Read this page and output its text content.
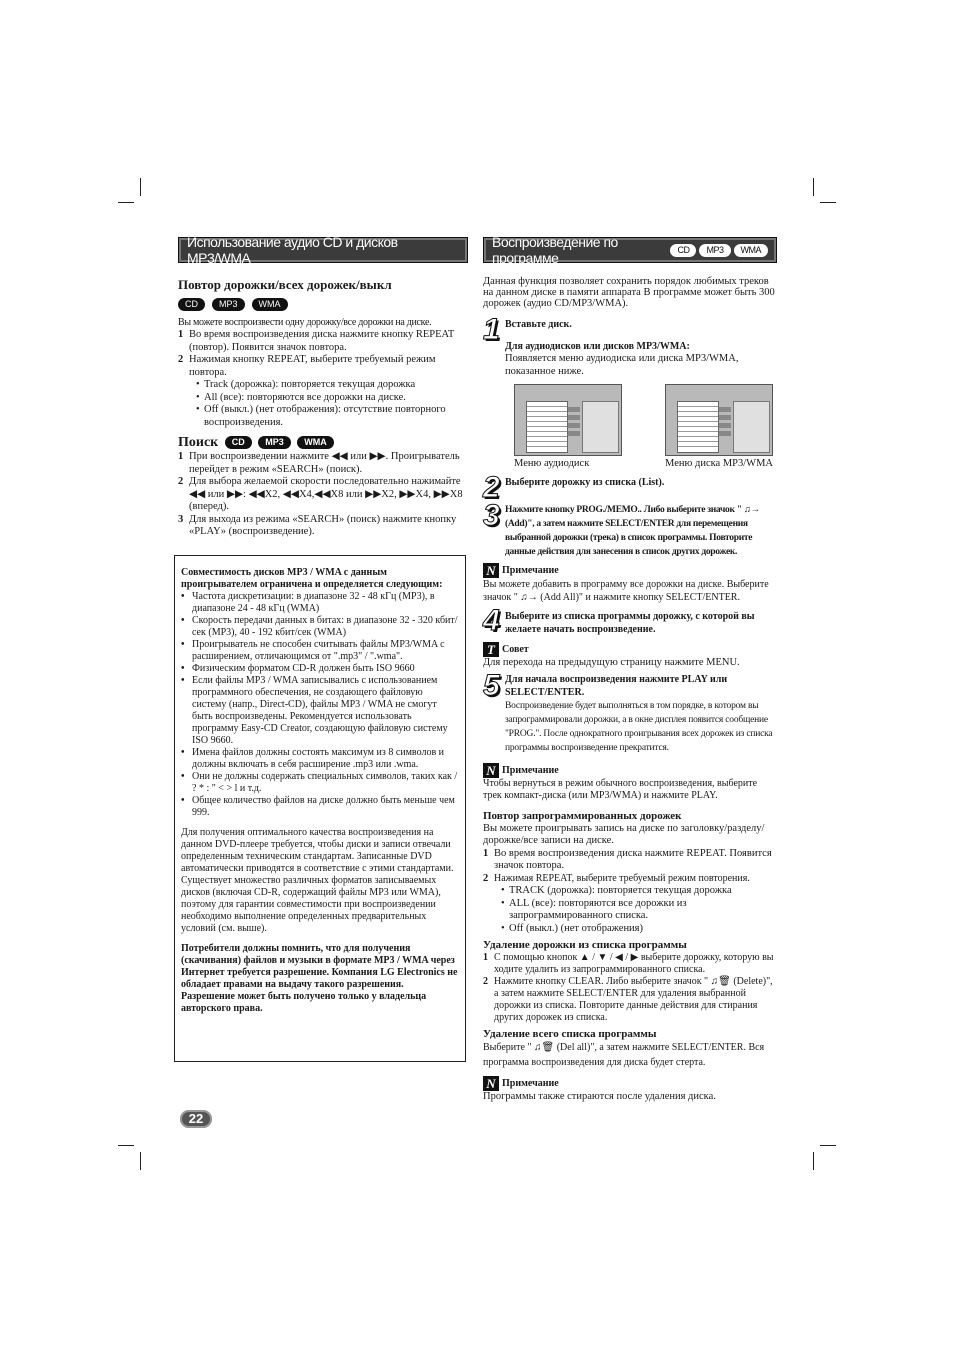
Использование аудио CD и дисков MP3/WMA

Повтор дорожки/всех дорожек/выкл

CD MP3 WMA

Вы можете воспроизвести одну дорожку/все дорожки на диске.

1 Во время воспроизведения диска нажмите кнопку REPEAT (повтор). Появится значок повтора.
2 Нажимая кнопку REPEAT, выберите требуемый режим повтора.
• Track (дорожка): повторяется текущая дорожка
• All (все): повторяются все дорожки на диске.
• Off (выкл.) (нет отображения): отсутствие повторного воспроизведения.

Поиск CD MP3 WMA

1 При воспроизведении нажмите ◀◀ или ▶▶. Проигрыватель перейдет в режим «SEARCH» (поиск).
2 Для выбора желаемой скорости последовательно нажимайте ◀◀ или ▶▶: ◀◀X2, ◀◀X4,◀◀X8 или ▶▶X2, ▶▶X4, ▶▶X8 (вперед).
3 Для выхода из режима «SEARCH» (поиск) нажмите кнопку «PLAY» (воспроизведение).

Совместимость дисков MP3 / WMA с данным проигрывателем ограничена и определяется следующим:

• Частота дискретизации: в диапазоне 32 - 48 кГц (MP3), в диапазоне 24 - 48 кГц (WMA)
• Скорость передачи данных в битах: в диапазоне 32 - 320 кбит/сек (MP3), 40 - 192 кбит/сек (WMA)
• Проигрыватель не способен считывать файлы MP3/WMA с расширением, отличающимся от ".mp3" / ".wma".
• Физическим форматом CD-R должен быть ISO 9660
• Если файлы MP3 / WMA записывались с использованием программного обеспечения, не создающего файловую систему (напр., Direct-CD), файлы MP3 / WMA не смогут быть воспроизведены. Рекомендуется использовать программу Easy-CD Creator, создающую файловую систему ISO 9660.
• Имена файлов должны состоять максимум из 8 символов и должны включать в себя расширение .mp3 или .wma.
• Они не должны содержать специальных символов, таких как / ? * : " < > l и т.д.
• Общее количество файлов на диске должно быть меньше чем 999.

Для получения оптимального качества воспроизведения на данном DVD-плеере требуется, чтобы диски и записи отвечали определенным техническим стандартам. Записанные DVD автоматически приводятся в соответствие с этими стандартами. Существует множество различных форматов записываемых дисков (включая CD-R, содержащий файлы MP3 или WMA), поэтому для гарантии совместимости при воспроизведении необходимо выполнение определенных предварительных условий (см. выше).

Потребители должны помнить, что для получения (скачивания) файлов и музыки в формате MP3 / WMA через Интернет требуется разрешение. Компания LG Electronics не обладает правами на выдачу такого разрешения. Разрешение может быть получено только у владельца авторского права.

22
Воспроизведение по программе
CD	MP3	WMA

Данная функция позволяет сохранить порядок любимых треков на данном диске в памяти аппарата В программе может быть 300 дорожек (аудио CD/MP3/WMA).

1 Вставьте диск.

Для аудиодисков или дисков MP3/WMA:

Появляется меню аудиодиска или диска MP3/WMA, показанное ниже.

Меню аудиодиск	Меню диска MP3/WMA
2 Выберите дорожку из списка (List).

3 Нажмите кнопку PROG./MEMO.. Либо выберите значок " ♫→ (Add)", а затем нажмите SELECT/ENTER для перемещения выбранной дорожки (трека) в список программы. Повторите данные действия для занесения в список других дорожек.

N Примечание

Вы можете добавить в программу все дорожки на диске. Выберите значок " ♫→ (Add All)" и нажмите кнопку SELECT/ENTER.

4 Выберите из списка программы дорожку, с которой вы желаете начать воспроизведение.

T Совет

Для перехода на предыдущую страницу нажмите MENU.

5 Для начала воспроизведения нажмите PLAY или SELECT/ENTER.

Воспроизведение будет выполняться в том порядке, в котором вы запрограммировали дорожки, а в окне дисплея появится сообщение "PROG.". После однократного проигрывания всех дорожек из списка программы воспроизведение прекратится.

N Примечание

Чтобы вернуться в режим обычного воспроизведения, выберите трек компакт-диска (или MP3/WMA) и нажмите PLAY.

Повтор запрограммированных дорожек

Вы можете проигрывать запись на диске по заголовку/разделу/дорожке/все записи на диске.

1 Во время воспроизведения диска нажмите REPEAT. Появится значок повтора.
2 Нажимая REPEAT, выберите требуемый режим повторения.
• TRACK (дорожка): повторяется текущая дорожка
• ALL (все): повторяются все дорожки из запрограммированного списка.
• Off (выкл.) (нет отображения)

Удаление дорожки из списка программы

1 С помощью кнопок ▲ / ▼ / ◀ / ▶ выберите дорожку, которую вы ходите удалить из запрограммированного списка.
2 Нажмите кнопку CLEAR. Либо выберите значок " ♫🗑 (Delete)", а затем нажмите SELECT/ENTER для удаления выбранной дорожки из списка. Повторите данные действия для стирания других дорожек из списка.

Удаление всего списка программы

Выберите " ♫🗑 (Del all)", а затем нажмите SELECT/ENTER. Вся программа воспроизведения для диска будет стерта.

N Примечание

Программы также стираются после удаления диска.
